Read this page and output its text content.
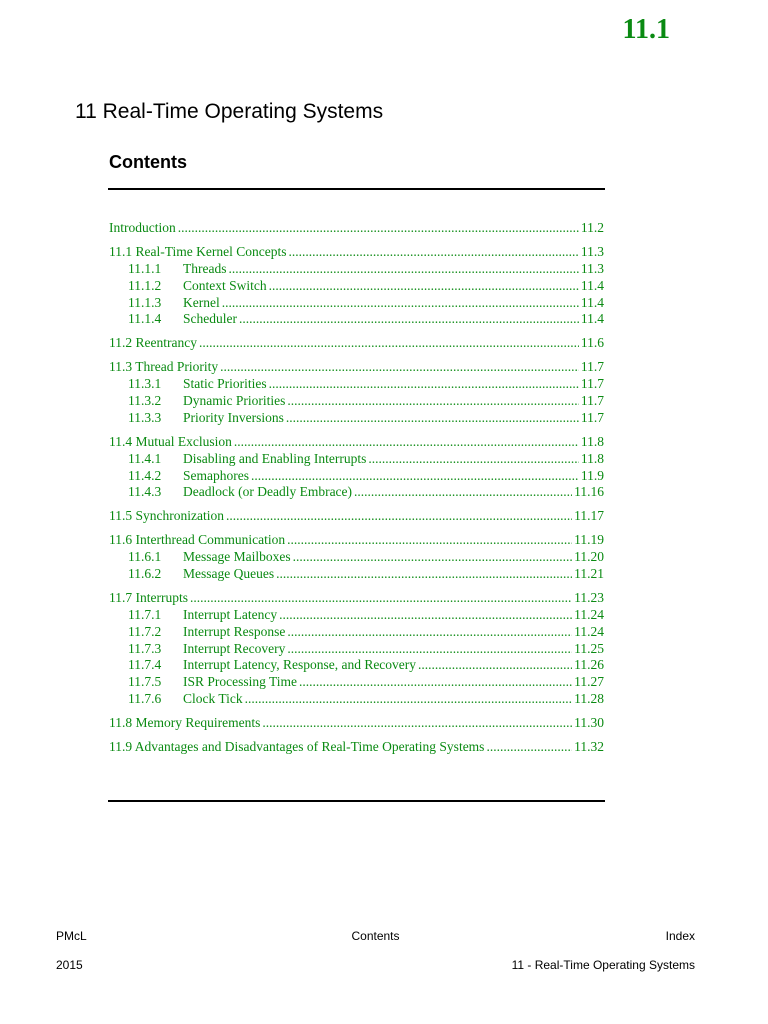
11.1
11 Real-Time Operating Systems
Contents
Introduction .....	11.2
11.1 Real-Time Kernel Concepts .....	11.3
11.1.1	Threads .....	11.3
11.1.2	Context Switch .....	11.4
11.1.3	Kernel .....	11.4
11.1.4	Scheduler .....	11.4
11.2 Reentrancy .....	11.6
11.3 Thread Priority .....	11.7
11.3.1	Static Priorities .....	11.7
11.3.2	Dynamic Priorities .....	11.7
11.3.3	Priority Inversions .....	11.7
11.4 Mutual Exclusion .....	11.8
11.4.1	Disabling and Enabling Interrupts .....	11.8
11.4.2	Semaphores .....	11.9
11.4.3	Deadlock (or Deadly Embrace) .....	11.16
11.5 Synchronization .....	11.17
11.6 Interthread Communication .....	11.19
11.6.1	Message Mailboxes .....	11.20
11.6.2	Message Queues .....	11.21
11.7 Interrupts .....	11.23
11.7.1	Interrupt Latency .....	11.24
11.7.2	Interrupt Response .....	11.24
11.7.3	Interrupt Recovery .....	11.25
11.7.4	Interrupt Latency, Response, and Recovery .....	11.26
11.7.5	ISR Processing Time .....	11.27
11.7.6	Clock Tick .....	11.28
11.8 Memory Requirements .....	11.30
11.9 Advantages and Disadvantages of Real-Time Operating Systems .....	11.32
PMcL	Contents	Index
2015	11 - Real-Time Operating Systems
